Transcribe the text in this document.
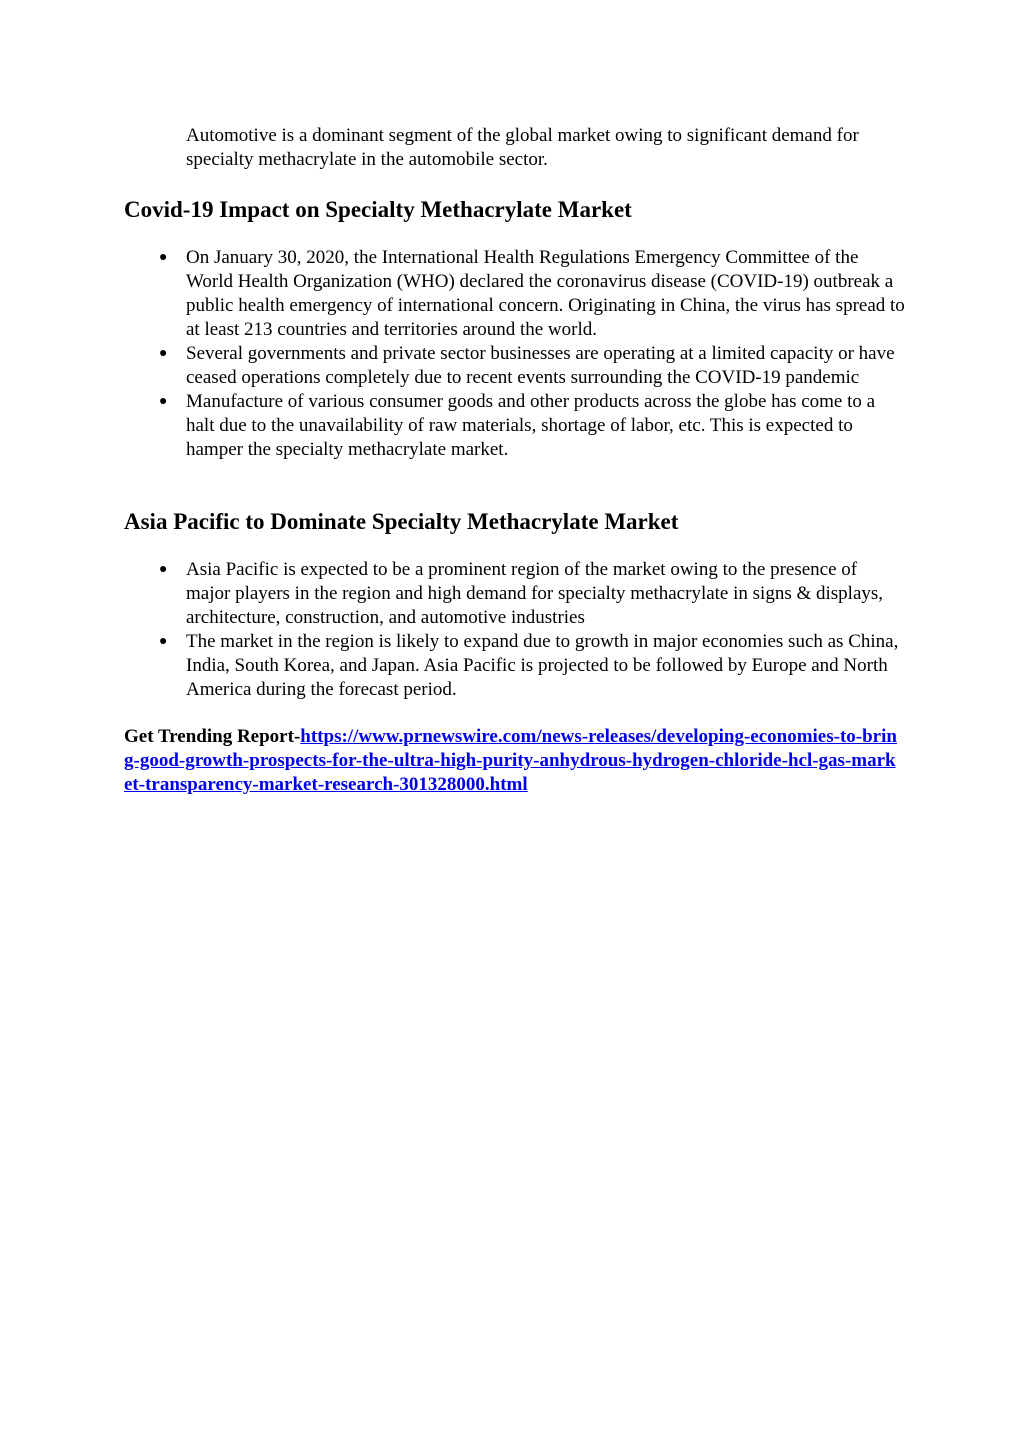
Automotive is a dominant segment of the global market owing to significant demand for specialty methacrylate in the automobile sector.

Covid-19 Impact on Specialty Methacrylate Market
● On January 30, 2020, the International Health Regulations Emergency Committee of the World Health Organization (WHO) declared the coronavirus disease (COVID-19) outbreak a public health emergency of international concern. Originating in China, the virus has spread to at least 213 countries and territories around the world.
● Several governments and private sector businesses are operating at a limited capacity or have ceased operations completely due to recent events surrounding the COVID-19 pandemic
● Manufacture of various consumer goods and other products across the globe has come to a halt due to the unavailability of raw materials, shortage of labor, etc. This is expected to hamper the specialty methacrylate market.
Asia Pacific to Dominate Specialty Methacrylate Market
● Asia Pacific is expected to be a prominent region of the market owing to the presence of major players in the region and high demand for specialty methacrylate in signs & displays, architecture, construction, and automotive industries
● The market in the region is likely to expand due to growth in major economies such as China, India, South Korea, and Japan. Asia Pacific is projected to be followed by Europe and North America during the forecast period.

Get Trending Report-https://www.prnewswire.com/news-releases/developing-economies-to-bring-good-growth-prospects-for-the-ultra-high-purity-anhydrous-hydrogen-chloride-hcl-gas-market-transparency-market-research-301328000.html
